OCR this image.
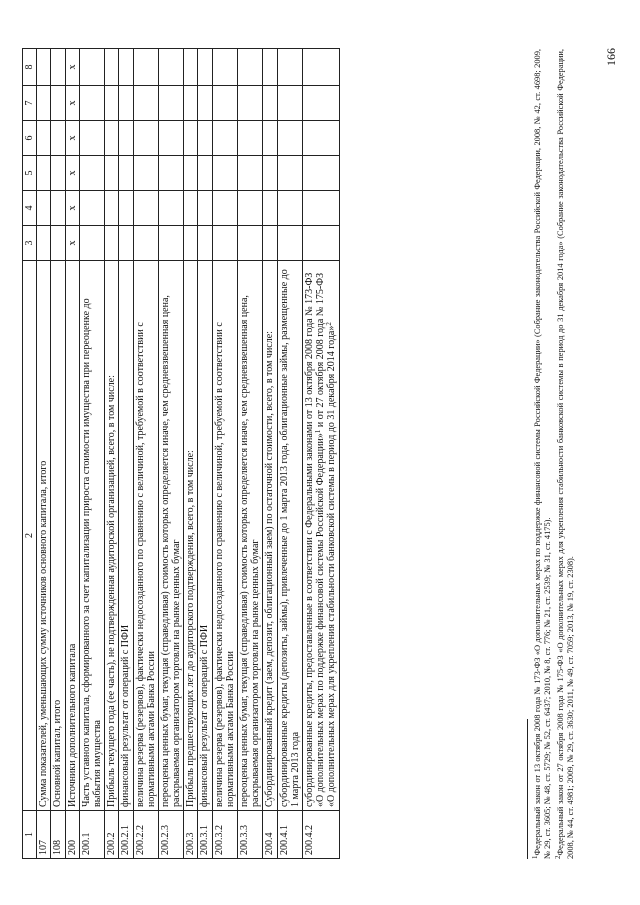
1	2	3	4	5	6	7	8
107	Сумма показателей, уменьшающих сумму источников основного капитала, итого						
108	Основной капитал, итого						
200	Источники дополнительного капитала	х	х	х	х	х	х
200.1	Часть уставного капитала, сформированного за счет капитализации прироста стоимости имущества при переоценке до выбытия имущества						
200.2	Прибыль текущего года (ее часть), не подтвержденная аудиторской организацией, всего, в том числе:						
200.2.1	финансовый результат от операций с ПФИ						
200.2.2	величина резерва (резервов), фактически недосозданного по сравнению с величиной, требуемой в соответствии с нормативными актами Банка России						
200.2.3	переоценка ценных бумаг, текущая (справедливая) стоимость которых определяется иначе, чем средневзвешенная цена, раскрываемая организатором торговли на рынке ценных бумаг						
200.3	Прибыль предшествующих лет до аудиторского подтверждения, всего, в том числе:						
200.3.1	финансовый результат от операций с ПФИ						
200.3.2	величина резерва (резервов), фактически недосозданного по сравнению с величиной, требуемой в соответствии с нормативными актами Банка России						
200.3.3	переоценка ценных бумаг, текущая (справедливая) стоимость которых определяется иначе, чем средневзвешенная цена, раскрываемая организатором торговли на рынке ценных бумаг						
200.4	Субординированный кредит (заем, депозит, облигационный заем) по остаточной стоимости, всего, в том числе:						
200.4.1	субординированные кредиты (депозиты, займы), привлеченные до 1 марта 2013 года, облигационные займы, размещенные до 1 марта 2013 года						
200.4.2	субординированные кредиты, предоставленные в соответствии с Федеральными законами от 13 октября 2008 года № 173-ФЗ «О дополнительных мерах по поддержке финансовой системы Российской Федерации»$^1$ и от 27 октября 2008 года № 175-ФЗ «О дополнительных мерах для укрепления стабильности банковской системы в период до 31 декабря 2014 года»$^2$						

$^1$Федеральный закон от 13 октября 2008 года № 173-ФЗ «О дополнительных мерах по поддержке финансовой системы Российской Федерации» (Собрание законодательства Российской Федерации, 2008, № 42, ст. 4698; 2009, № 29, ст. 3605; № 48, ст. 5729; № 52, ст. 6437; 2010, № 8, ст. 776; № 21, ст. 2539; № 31, ст. 4175). $^2$Федеральный закон от 27 октября 2008 года № 175-ФЗ «О дополнительных мерах для укрепления стабильности банковской системы в период до 31 декабря 2014 года» (Собрание законодательства Российской Федерации, 2008, № 44, ст. 4981; 2009, № 29, ст. 3630; 2011, № 49, ст. 7059; 2013, № 19, ст. 2308).

166
